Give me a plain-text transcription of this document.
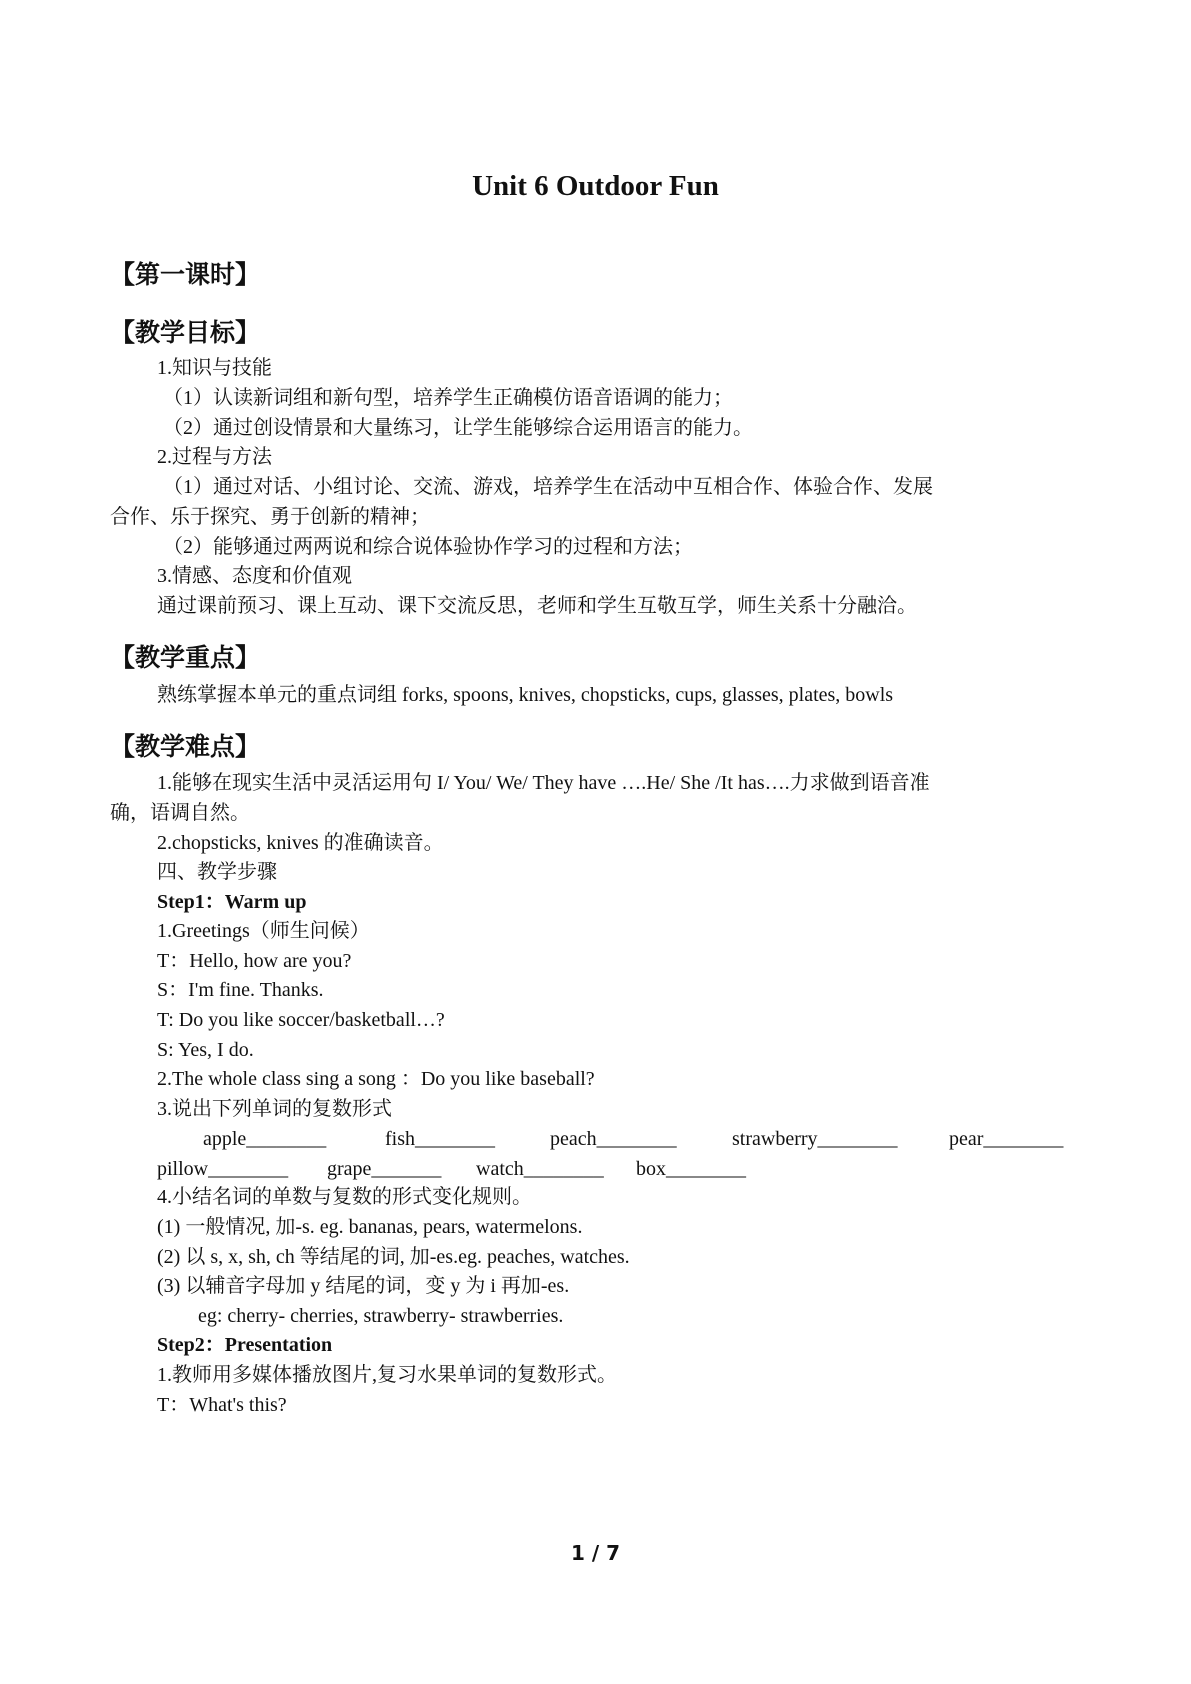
Unit 6 Outdoor Fun
【第一课时】
【教学目标】
1.知识与技能
（1）认读新词组和新句型，培养学生正确模仿语音语调的能力；
（2）通过创设情景和大量练习，让学生能够综合运用语言的能力。
2.过程与方法
（1）通过对话、小组讨论、交流、游戏，培养学生在活动中互相合作、体验合作、发展
合作、乐于探究、勇于创新的精神；
（2）能够通过两两说和综合说体验协作学习的过程和方法；
3.情感、态度和价值观
通过课前预习、课上互动、课下交流反思，老师和学生互敬互学，师生关系十分融洽。
【教学重点】
熟练掌握本单元的重点词组 forks, spoons, knives, chopsticks, cups, glasses, plates, bowls
【教学难点】
1.能够在现实生活中灵活运用句 I/ You/ We/ They have ….He/ She /It has….力求做到语音准
确，语调自然。
2.chopsticks, knives 的准确读音。
四、教学步骤
Step1：Warm up
1.Greetings（师生问候）
T：Hello, how are you?
S：I'm fine. Thanks.
T: Do you like soccer/basketball…?
S: Yes, I do.
2.The whole class sing a song ：Do you like baseball?
3.说出下列单词的复数形式
apple________	fish________	peach________	strawberry________	pear________
pillow________ grape_______ watch________ box________
4.小结名词的单数与复数的形式变化规则。
(1) 一般情况, 加-s. eg. bananas, pears, watermelons.
(2) 以 s, x, sh, ch 等结尾的词, 加-es.eg. peaches, watches.
(3) 以辅音字母加 y 结尾的词，变 y 为 i 再加-es.
eg: cherry- cherries, strawberry- strawberries.
Step2：Presentation
1.教师用多媒体播放图片,复习水果单词的复数形式。
T：What's this?
1 / 7
